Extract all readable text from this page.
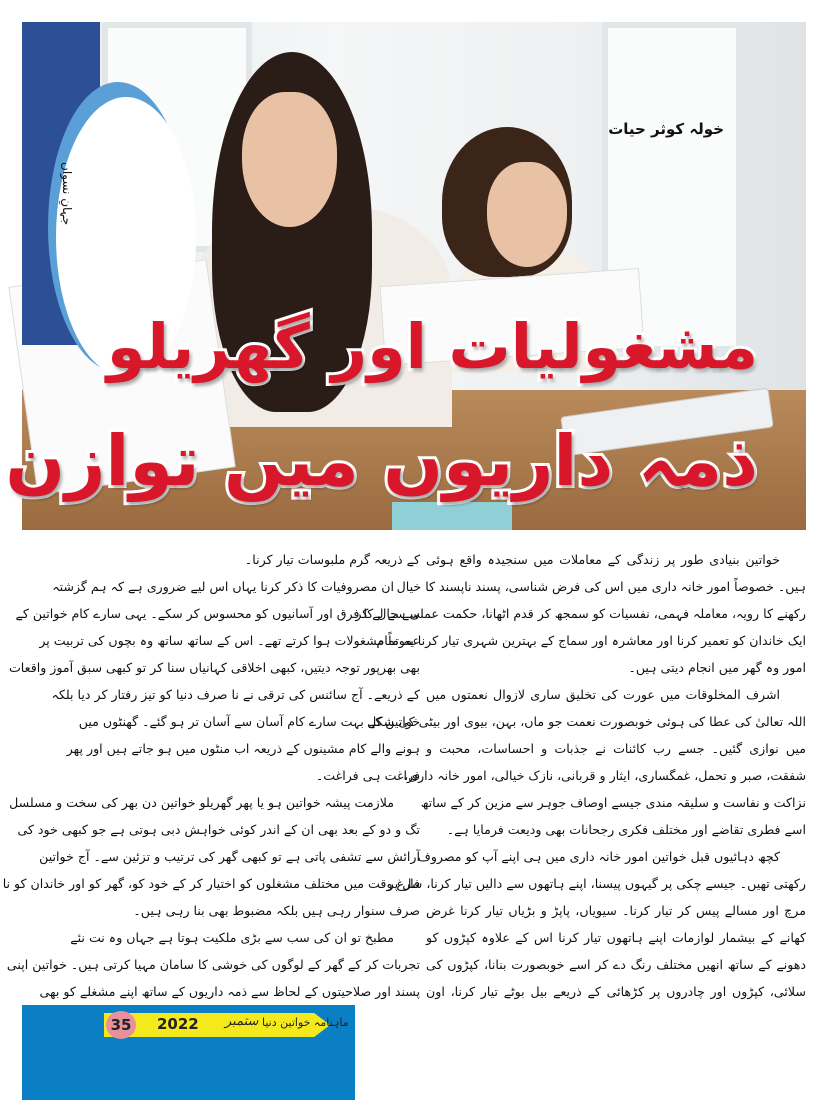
جہانِ نسواں
خولہ کوثر حیات
مشغولیات اور گھریلو
ذمہ داریوں میں توازن
خواتین بنیادی طور پر زندگی کے معاملات میں سنجیدہ واقع ہوئی
ہیں۔ خصوصاً امور خانہ داری میں اس کی فرض شناسی، پسند ناپسند کا خیال
رکھنے کا رویہ، معاملہ فہمی، نفسیات کو سمجھ کر قدم اٹھانا، حکمت عملی سے لے کر
ایک خاندان کو تعمیر کرنا اور معاشرہ اور سماج کے بہترین شہری تیار کرنا یہ تمام
امور وہ گھر میں انجام دیتی ہیں۔
اشرف المخلوقات میں عورت کی تخلیق ساری لازوال نعمتوں میں
اللہ تعالیٰ کی عطا کی ہوئی خوبصورت نعمت جو ماں، بہن، بیوی اور بیٹی کی شکل
میں نوازی گئیں۔ جسے رب کائنات نے جذبات و احساسات، محبت و
شفقت، صبر و تحمل، غمگساری، ایثار و قربانی، نازک خیالی، امور خانہ داری،
نزاکت و نفاست و سلیقہ مندی جیسے اوصاف جوہر سے مزین کر کے ساتھ
اسے فطری تقاضے اور مختلف فکری رجحانات بھی ودیعت فرمایا ہے۔
کچھ دہائیوں قبل خواتین امور خانہ داری میں ہی اپنے آپ کو مصروف
رکھتی تھیں۔ جیسے چکی پر گیہوں پیسنا، اپنے ہاتھوں سے دالیں تیار کرنا، سل پر
مرچ اور مسالے پیس کر تیار کرنا۔ سیویاں، پاپڑ و بڑیاں تیار کرنا غرض
کھانے کے بیشمار لوازمات اپنے ہاتھوں تیار کرنا اس کے علاوہ کپڑوں کو
دھونے کے ساتھ انھیں مختلف رنگ دے کر اسے خوبصورت بنانا، کپڑوں کی
سلائی، کپڑوں اور چادروں پر کڑھائی کے ذریعے بیل بوٹے تیار کرنا، اون
کے ذریعہ گرم ملبوسات تیار کرنا۔
ان مصروفیات کا ذکر کرنا یہاں اس لیے ضروری ہے کہ ہم گزشتہ
سے حال کا فرق اور آسانیوں کو محسوس کر سکے۔ یہی سارے کام خواتین کے
عموماً مشغولات ہوا کرتے تھے۔ اس کے ساتھ ساتھ وہ بچوں کی تربیت پر
بھی بھرپور توجہ دیتیں، کبھی اخلاقی کہانیاں سنا کر تو کبھی سبق آموز واقعات
کے ذریعے۔ آج سائنس کی ترقی نے نا صرف دنیا کو تیز رفتار کر دیا بلکہ
خواتین کے بہت سارے کام آسان سے آسان تر ہو گئے۔ گھنٹوں میں
ہونے والے کام مشینوں کے ذریعہ اب منٹوں میں ہو جاتے ہیں اور پھر
فراغت ہی فراغت۔
ملازمت پیشہ خواتین ہو یا پھر گھریلو خواتین دن بھر کی سخت و مسلسل
تگ و دو کے بعد بھی ان کے اندر کوئی خواہش دبی ہوتی ہے جو کبھی خود کی
آرائش سے تشفی پاتی ہے تو کبھی گھر کی ترتیب و تزئین سے۔ آج خواتین
فارغ وقت میں مختلف مشغلوں کو اختیار کر کے خود کو، گھر کو اور خاندان کو نا
صرف سنوار رہی ہیں بلکہ مضبوط بھی بنا رہی ہیں۔
مطبخ تو ان کی سب سے بڑی ملکیت ہوتا ہے جہاں وہ نت نئے
تجربات کر کے گھر کے لوگوں کی خوشی کا سامان مہیا کرتی ہیں۔ خواتین اپنی
پسند اور صلاحیتوں کے لحاظ سے ذمہ داریوں کے ساتھ اپنے مشغلے کو بھی
35	2022 ستمبر ماہنامہ خواتین دنیا
